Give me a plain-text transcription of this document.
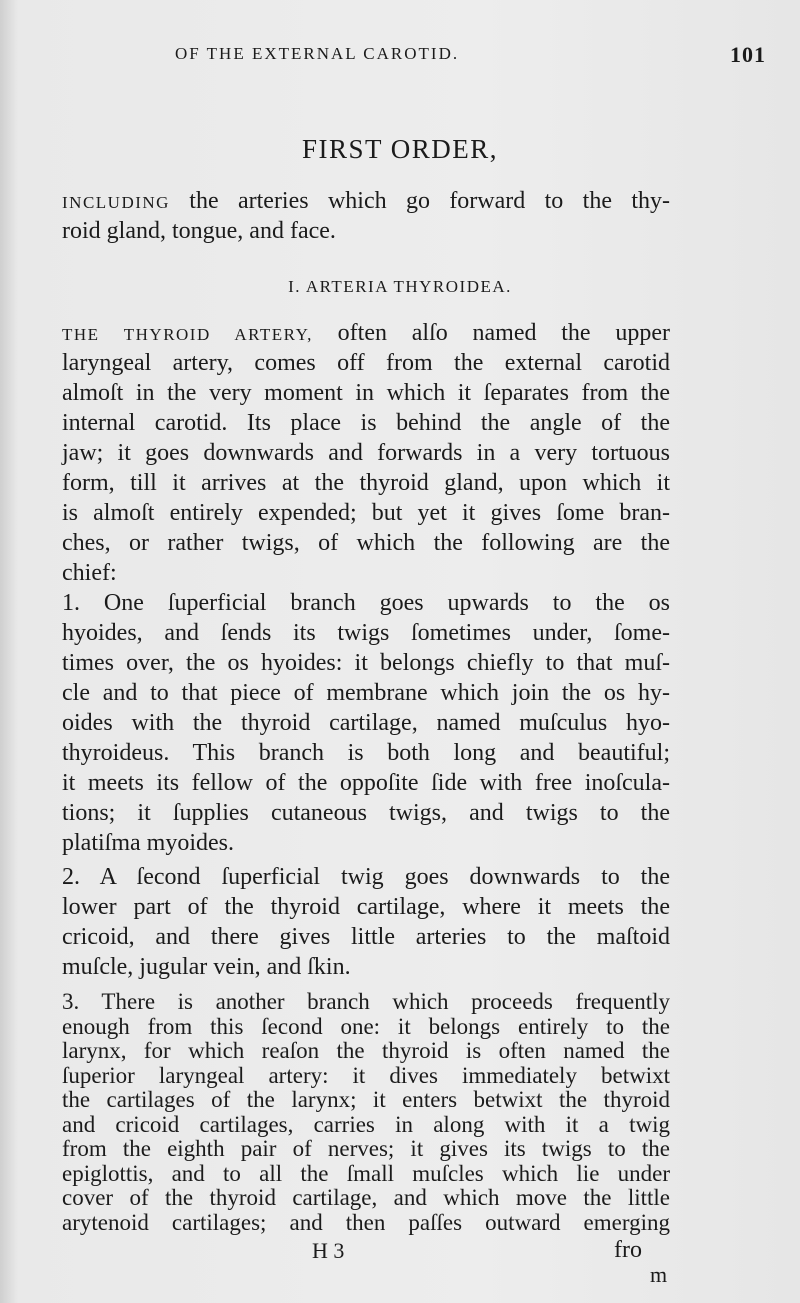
OF THE EXTERNAL CAROTID.	101
FIRST ORDER,
INCLUDING the arteries which go forward to the thy-
roid gland, tongue, and face.
I. ARTERIA THYROIDEA.
THE THYROID ARTERY, often alſo named the upper
laryngeal artery, comes off from the external carotid
almoſt in the very moment in which it ſeparates from the
internal carotid. Its place is behind the angle of the
jaw; it goes downwards and forwards in a very tortuous
form, till it arrives at the thyroid gland, upon which it
is almoſt entirely expended; but yet it gives ſome bran-
ches, or rather twigs, of which the following are the
chief:
1. One ſuperficial branch goes upwards to the os
hyoides, and ſends its twigs ſometimes under, ſome-
times over, the os hyoides: it belongs chiefly to that muſ-
cle and to that piece of membrane which join the os hy-
oides with the thyroid cartilage, named muſculus hyo-
thyroideus. This branch is both long and beautiful;
it meets its fellow of the oppoſite ſide with free inoſcula-
tions; it ſupplies cutaneous twigs, and twigs to the
platiſma myoides.
2. A ſecond ſuperficial twig goes downwards to the
lower part of the thyroid cartilage, where it meets the
cricoid, and there gives little arteries to the maſtoid
muſcle, jugular vein, and ſkin.
3. There is another branch which proceeds frequently
enough from this ſecond one: it belongs entirely to the
larynx, for which reaſon the thyroid is often named the
ſuperior laryngeal artery: it dives immediately betwixt
the cartilages of the larynx; it enters betwixt the thyroid
and cricoid cartilages, carries in along with it a twig
from the eighth pair of nerves; it gives its twigs to the
epiglottis, and to all the ſmall muſcles which lie under
cover of the thyroid cartilage, and which move the little
H 3	fro
m
arytenoid cartilages; and then paſſes outward emerging
